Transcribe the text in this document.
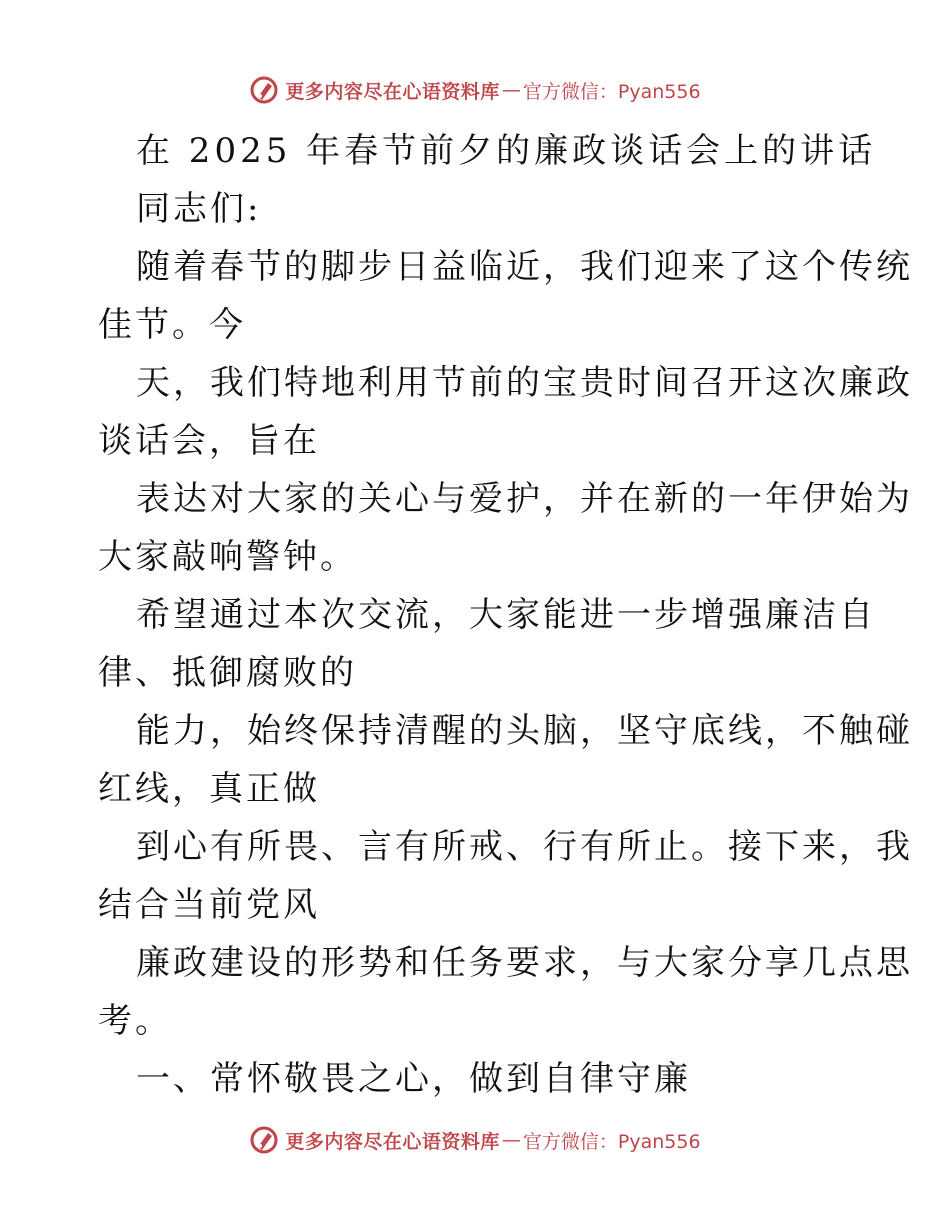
更多内容尽在心语资料库 — 官方微信：Pyan556
在 2025 年春节前夕的廉政谈话会上的讲话
同志们:
随着春节的脚步日益临近，我们迎来了这个传统
佳节。今
天，我们特地利用节前的宝贵时间召开这次廉政
谈话会，旨在
表达对大家的关心与爱护，并在新的一年伊始为
大家敲响警钟。
希望通过本次交流，大家能进一步增强廉洁自
律、抵御腐败的
能力，始终保持清醒的头脑，坚守底线，不触碰
红线，真正做
到心有所畏、言有所戒、行有所止。接下来，我
结合当前党风
廉政建设的形势和任务要求，与大家分享几点思
考。
一、常怀敬畏之心，做到自律守廉
更多内容尽在心语资料库 — 官方微信：Pyan556
